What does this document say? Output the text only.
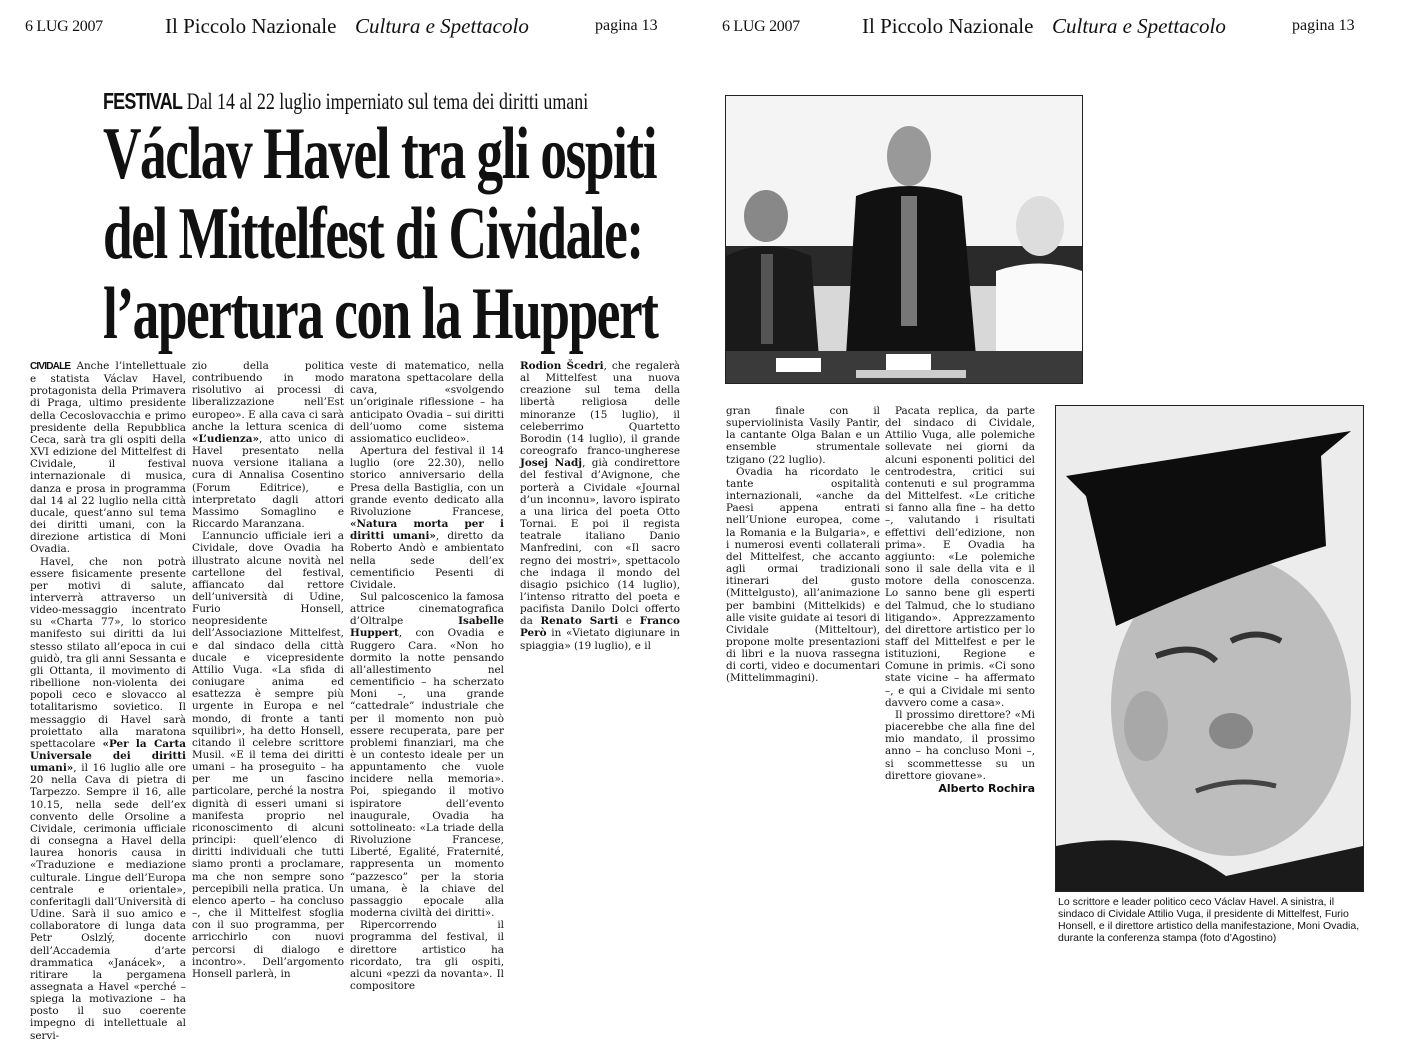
6 LUG 2007	Il Piccolo Nazionale Cultura e Spettacolo	pagina 13	6 LUG 2007	Il Piccolo Nazionale Cultura e Spettacolo	pagina 13
FESTIVAL Dal 14 al 22 luglio imperniato sul tema dei diritti umani
Václav Havel tra gli ospiti
del Mittelfest di Cividale:
l’apertura con la Huppert

CIVIDALE Anche l’intellettuale e statista Václav Havel, protagonista della Primavera di Praga, ultimo presidente della Cecoslovacchia e primo presidente della Repubblica Ceca, sarà tra gli ospiti della XVI edizione del Mittelfest di Cividale, il festival internazionale di musica, danza e prosa in programma dal 14 al 22 luglio nella città ducale, quest’anno sul tema dei diritti umani, con la direzione artistica di Moni Ovadia.

Havel, che non potrà essere fisicamente presente per motivi di salute, interverrà attraverso un video-messaggio incentrato su «Charta 77», lo storico manifesto sui diritti da lui stesso stilato all’epoca in cui guidò, tra gli anni Sessanta e gli Ottanta, il movimento di ribellione non-violenta dei popoli ceco e slovacco al totalitarismo sovietico. Il messaggio di Havel sarà proiettato alla maratona spettacolare «Per la Carta Universale dei diritti umani», il 16 luglio alle ore 20 nella Cava di pietra di Tarpezzo. Sempre il 16, alle 10.15, nella sede dell’ex convento delle Orsoline a Cividale, cerimonia ufficiale di consegna a Havel della laurea honoris causa in «Traduzione e mediazione culturale. Lingue dell’Europa centrale e orientale», conferitagli dall’Università di Udine. Sarà il suo amico e collaboratore di lunga data Petr Oslzlý, docente dell’Accademia d’arte drammatica «Janácek», a ritirare la pergamena assegnata a Havel «perché – spiega la motivazione – ha posto il suo coerente impegno di intellettuale al servi-

zio della politica contribuendo in modo risolutivo ai processi di liberalizzazione nell’Est europeo». E alla cava ci sarà anche la lettura scenica di «L’udienza», atto unico di Havel presentato nella nuova versione italiana a cura di Annalisa Cosentino (Forum Editrice), e interpretato dagli attori Massimo Somaglino e Riccardo Maranzana.

L’annuncio ufficiale ieri a Cividale, dove Ovadia ha illustrato alcune novità nel cartellone del festival, affiancato dal rettore dell’università di Udine, Furio Honsell, neopresidente dell’Associazione Mittelfest, e dal sindaco della città ducale e vicepresidente Attilio Vuga. «La sfida di coniugare anima ed esattezza è sempre più urgente in Europa e nel mondo, di fronte a tanti squilibri», ha detto Honsell, citando il celebre scrittore Musil. «E il tema dei diritti umani – ha proseguito – ha per me un fascino particolare, perché la nostra dignità di esseri umani si manifesta proprio nel riconoscimento di alcuni principi: quell’elenco di diritti individuali che tutti siamo pronti a proclamare, ma che non sempre sono percepibili nella pratica. Un elenco aperto – ha concluso –, che il Mittelfest sfoglia con il suo programma, per arricchirlo con nuovi percorsi di dialogo e incontro». Dell’argomento Honsell parlerà, in

veste di matematico, nella maratona spettacolare della cava, «svolgendo un’originale riflessione – ha anticipato Ovadia – sui diritti dell’uomo come sistema assiomatico euclideo».

Apertura del festival il 14 luglio (ore 22.30), nello storico anniversario della Presa della Bastiglia, con un grande evento dedicato alla Rivoluzione Francese, «Natura morta per i diritti umani», diretto da Roberto Andò e ambientato nella sede dell’ex cementificio Pesenti di Cividale.

Sul palcoscenico la famosa attrice cinematografica d’Oltralpe Isabelle Huppert, con Ovadia e Ruggero Cara. «Non ho dormito la notte pensando all’allestimento nel cementificio – ha scherzato Moni –, una grande “cattedrale” industriale che per il momento non può essere recuperata, pare per problemi finanziari, ma che è un contesto ideale per un appuntamento che vuole incidere nella memoria». Poi, spiegando il motivo ispiratore dell’evento inaugurale, Ovadia ha sottolineato: «La triade della Rivoluzione Francese, Liberté, Egalité, Fraternité, rappresenta un momento “pazzesco” per la storia umana, è la chiave del passaggio epocale alla moderna civiltà dei diritti».

Ripercorrendo il programma del festival, il direttore artistico ha ricordato, tra gli ospiti, alcuni «pezzi da novanta». Il compositore

Rodion Šcedri, che regalerà al Mittelfest una nuova creazione sul tema della libertà religiosa delle minoranze (15 luglio), il celeberrimo Quartetto Borodin (14 luglio), il grande coreografo franco-ungherese Josej Nadj, già condirettore del festival d’Avignone, che porterà a Cividale «Journal d’un inconnu», lavoro ispirato a una lirica del poeta Otto Tornai. E poi il regista teatrale italiano Danio Manfredini, con «Il sacro regno dei mostri», spettacolo che indaga il mondo del disagio psichico (14 luglio), l’intenso ritratto del poeta e pacifista Danilo Dolci offerto da Renato Sarti e Franco Però in «Vietato digiunare in spiaggia» (19 luglio), e il

gran finale con il superviolinista Vasily Pantir, la cantante Olga Balan e un ensemble strumentale tzigano (22 luglio).

Ovadia ha ricordato le tante ospitalità internazionali, «anche da Paesi appena entrati nell’Unione europea, come la Romania e la Bulgaria», e i numerosi eventi collaterali del Mittelfest, che accanto agli ormai tradizionali itinerari del gusto (Mittelgusto), all’animazione per bambini (Mittelkids) e alle visite guidate ai tesori di Cividale (Mitteltour), propone molte presentazioni di libri e la nuova rassegna di corti, video e documentari (Mittelimmagini).

Pacata replica, da parte del sindaco di Cividale, Attilio Vuga, alle polemiche sollevate nei giorni da alcuni esponenti politici del centrodestra, critici sui contenuti e sul programma del Mittelfest. «Le critiche si fanno alla fine – ha detto –, valutando i risultati effettivi dell’edizione, non prima». E Ovadia ha aggiunto: «Le polemiche sono il sale della vita e il motore della conoscenza. Lo sanno bene gli esperti del Talmud, che lo studiano litigando». Apprezzamento del direttore artistico per lo staff del Mittelfest e per le istituzioni, Regione e Comune in primis. «Ci sono state vicine – ha affermato –, e qui a Cividale mi sento davvero come a casa».

Il prossimo direttore? «Mi piacerebbe che alla fine del mio mandato, il prossimo anno – ha concluso Moni –, si scommettesse su un direttore giovane».

Alberto Rochira
Lo scrittore e leader politico ceco Václav Havel. A sinistra, il sindaco di Cividale Attilio Vuga, il presidente di Mittelfest, Furio Honsell, e il direttore artistico della manifestazione, Moni Ovadia, durante la conferenza stampa (foto d’Agostino)
